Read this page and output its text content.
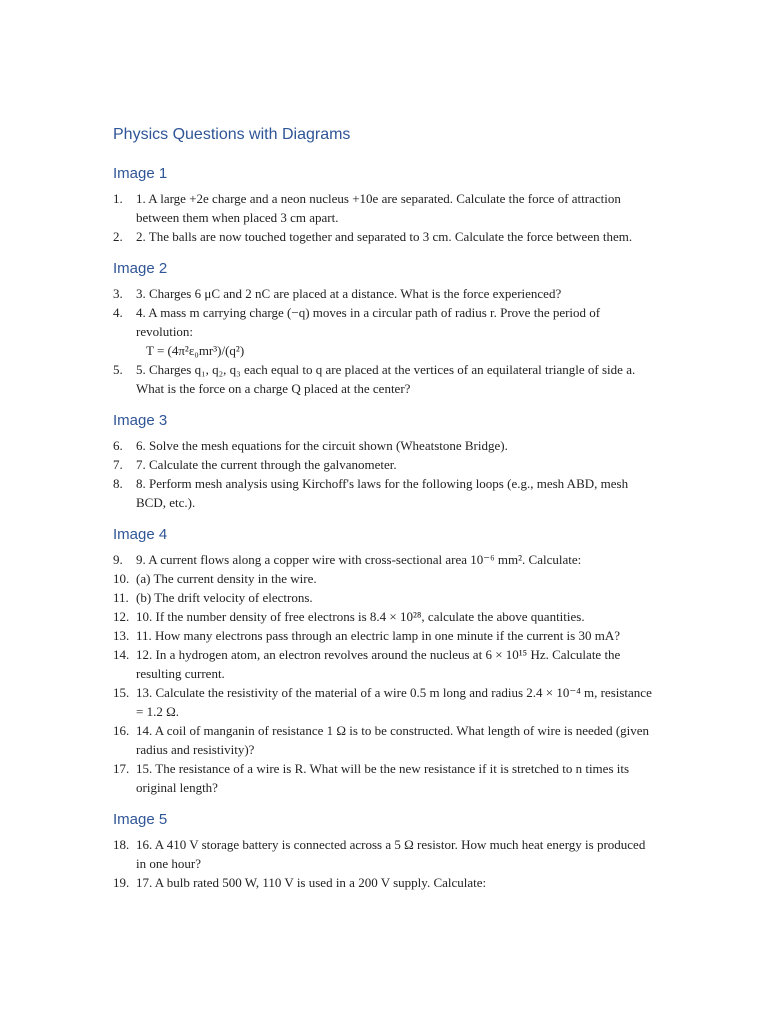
Physics Questions with Diagrams
Image 1
1. 1. A large +2e charge and a neon nucleus +10e are separated. Calculate the force of attraction between them when placed 3 cm apart.
2. 2. The balls are now touched together and separated to 3 cm. Calculate the force between them.
Image 2
3. 3. Charges 6 μC and 2 nC are placed at a distance. What is the force experienced?
4. 4. A mass m carrying charge (−q) moves in a circular path of radius r. Prove the period of revolution:
T = (4π²ε₀mr³)/(q²)
5. 5. Charges q₁, q₂, q₃ each equal to q are placed at the vertices of an equilateral triangle of side a. What is the force on a charge Q placed at the center?
Image 3
6. 6. Solve the mesh equations for the circuit shown (Wheatstone Bridge).
7. 7. Calculate the current through the galvanometer.
8. 8. Perform mesh analysis using Kirchoff's laws for the following loops (e.g., mesh ABD, mesh BCD, etc.).
Image 4
9. 9. A current flows along a copper wire with cross-sectional area 10⁻⁶ mm². Calculate:
10. (a) The current density in the wire.
11. (b) The drift velocity of electrons.
12. 10. If the number density of free electrons is 8.4 × 10²⁸, calculate the above quantities.
13. 11. How many electrons pass through an electric lamp in one minute if the current is 30 mA?
14. 12. In a hydrogen atom, an electron revolves around the nucleus at 6 × 10¹⁵ Hz. Calculate the resulting current.
15. 13. Calculate the resistivity of the material of a wire 0.5 m long and radius 2.4 × 10⁻⁴ m, resistance = 1.2 Ω.
16. 14. A coil of manganin of resistance 1 Ω is to be constructed. What length of wire is needed (given radius and resistivity)?
17. 15. The resistance of a wire is R. What will be the new resistance if it is stretched to n times its original length?
Image 5
18. 16. A 410 V storage battery is connected across a 5 Ω resistor. How much heat energy is produced in one hour?
19. 17. A bulb rated 500 W, 110 V is used in a 200 V supply. Calculate:
